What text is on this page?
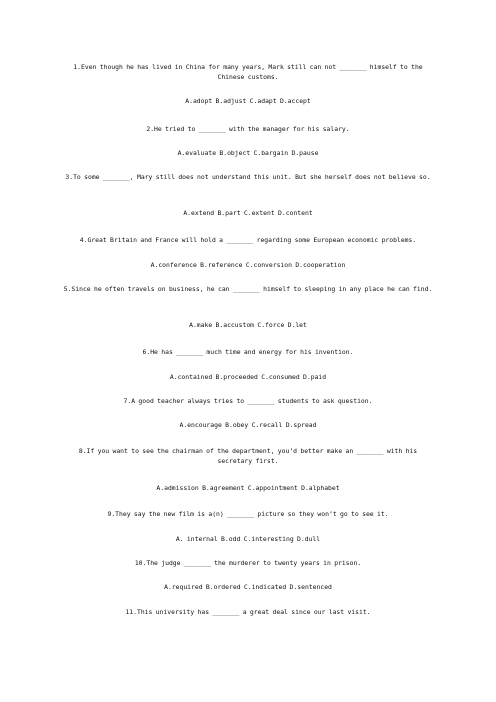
1.Even though he has lived in China for many years, Mark still can not _______ himself to the Chinese customs.
A.adopt B.adjust C.adapt D.accept
2.He tried to _______ with the manager for his salary.
A.evaluate B.object C.bargain D.pause
3.To some _______, Mary still does not understand this unit. But she herself does not believe so.
A.extend B.part C.extent D.content
4.Great Britain and France will hold a _______ regarding some European economic problems.
A.conference B.reference C.conversion D.cooperation
5.Since he often travels on business, he can _______ himself to sleeping in any place he can find.
A.make B.accustom C.force D.let
6.He has _______ much time and energy for his invention.
A.contained B.proceeded C.consumed D.paid
7.A good teacher always tries to _______ students to ask question.
A.encourage B.obey C.recall D.spread
8.If you want to see the chairman of the department, you’d better make an _______ with his secretary first.
A.admission B.agreement C.appointment D.alphabet
9.They say the new film is a(n) _______ picture so they won’t go to see it.
A. internal B.odd C.interesting D.dull
10.The judge _______ the murderer to twenty years in prison.
A.required B.ordered C.indicated D.sentenced
11.This university has _______ a great deal since our last visit.
